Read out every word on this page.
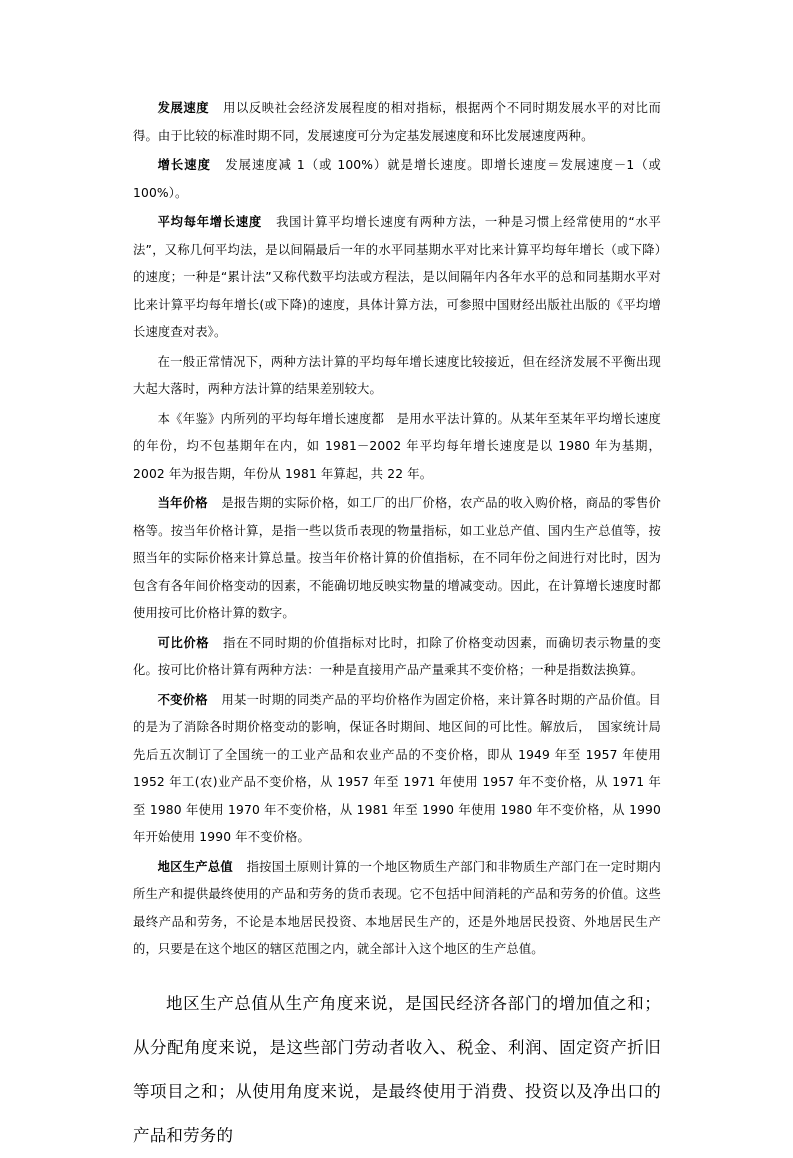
发展速度 用以反映社会经济发展程度的相对指标，根据两个不同时期发展水平的对比而得。由于比较的标准时期不同，发展速度可分为定基发展速度和环比发展速度两种。

增长速度 发展速度减 1（或 100%）就是增长速度。即增长速度＝发展速度－1（或 100%）。

平均每年增长速度 我国计算平均增长速度有两种方法，一种是习惯上经常使用的“水平法”，又称几何平均法，是以间隔最后一年的水平同基期水平对比来计算平均每年增长（或下降）的速度；一种是“累计法”又称代数平均法或方程法，是以间隔年内各年水平的总和同基期水平对比来计算平均每年增长(或下降)的速度，具体计算方法，可参照中国财经出版社出版的《平均增长速度查对表》。

在一般正常情况下，两种方法计算的平均每年增长速度比较接近，但在经济发展不平衡出现大起大落时，两种方法计算的结果差别较大。

本《年鉴》内所列的平均每年增长速度都　是用水平法计算的。从某年至某年平均增长速度的年份，均不包基期年在内，如 1981－2002 年平均每年增长速度是以 1980 年为基期，2002 年为报告期，年份从 1981 年算起，共 22 年。

当年价格 是报告期的实际价格，如工厂的出厂价格，农产品的收入购价格，商品的零售价格等。按当年价格计算，是指一些以货币表现的物量指标，如工业总产值、国内生产总值等，按照当年的实际价格来计算总量。按当年价格计算的价值指标，在不同年份之间进行对比时，因为包含有各年间价格变动的因素，不能确切地反映实物量的增减变动。因此，在计算增长速度时都使用按可比价格计算的数字。

可比价格 指在不同时期的价值指标对比时，扣除了价格变动因素，而确切表示物量的变化。按可比价格计算有两种方法：一种是直接用产品产量乘其不变价格；一种是指数法换算。

不变价格 用某一时期的同类产品的平均价格作为固定价格，来计算各时期的产品价值。目的是为了消除各时期价格变动的影响，保证各时期间、地区间的可比性。解放后，　国家统计局先后五次制订了全国统一的工业产品和农业产品的不变价格，即从 1949 年至 1957 年使用 1952 年工(农)业产品不变价格，从 1957 年至 1971 年使用 1957 年不变价格，从 1971 年至 1980 年使用 1970 年不变价格，从 1981 年至 1990 年使用 1980 年不变价格，从 1990 年开始使用 1990 年不变价格。

地区生产总值 指按国土原则计算的一个地区物质生产部门和非物质生产部门在一定时期内所生产和提供最终使用的产品和劳务的货币表现。它不包括中间消耗的产品和劳务的价值。这些最终产品和劳务，不论是本地居民投资、本地居民生产的，还是外地居民投资、外地居民生产的，只要是在这个地区的辖区范围之内，就全部计入这个地区的生产总值。

地区生产总值从生产角度来说，是国民经济各部门的增加值之和；从分配角度来说，是这些部门劳动者收入、税金、利润、固定资产折旧等项目之和；从使用角度来说，是最终使用于消费、投资以及净出口的产品和劳务的
